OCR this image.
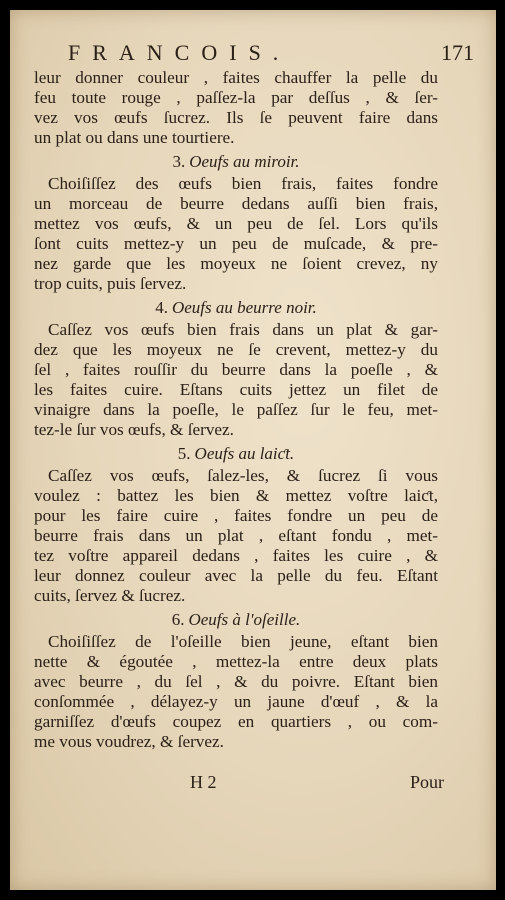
FRANCOIS.	171
leur donner couleur , faites chauffer la pelle du
feu toute rouge , paſſez-la par deſſus , & ſer-
vez vos œufs ſucrez. Ils ſe peuvent faire dans
un plat ou dans une tourtiere.
3. Oeufs au miroir.
Choiſiſſez des œufs bien frais, faites fondre
un morceau de beurre dedans auſſi bien frais,
mettez vos œufs, & un peu de ſel. Lors qu'ils
ſont cuits mettez-y un peu de muſcade, & pre-
nez garde que les moyeux ne ſoient crevez, ny
trop cuits, puis ſervez.
4. Oeufs au beurre noir.
Caſſez vos œufs bien frais dans un plat & gar-
dez que les moyeux ne ſe crevent, mettez-y du
ſel , faites rouſſir du beurre dans la poeſle , &
les faites cuire. Eſtans cuits jettez un filet de
vinaigre dans la poeſle, le paſſez ſur le feu, met-
tez-le ſur vos œufs, & ſervez.
5. Oeufs au laiƈt.
Caſſez vos œufs, ſalez-les, & ſucrez ſi vous
voulez : battez les bien & mettez voſtre laiƈt,
pour les faire cuire , faites fondre un peu de
beurre frais dans un plat , eſtant fondu , met-
tez voſtre appareil dedans , faites les cuire , &
leur donnez couleur avec la pelle du feu. Eſtant
cuits, ſervez & ſucrez.
6. Oeufs à l'oſeille.
Choiſiſſez de l'oſeille bien jeune, eſtant bien
nette & égoutée , mettez-la entre deux plats
avec beurre , du ſel , & du poivre. Eſtant bien
conſommée , délayez-y un jaune d'œuf , & la
garniſſez d'œufs coupez en quartiers , ou com-
me vous voudrez, & ſervez.
H 2	Pour
